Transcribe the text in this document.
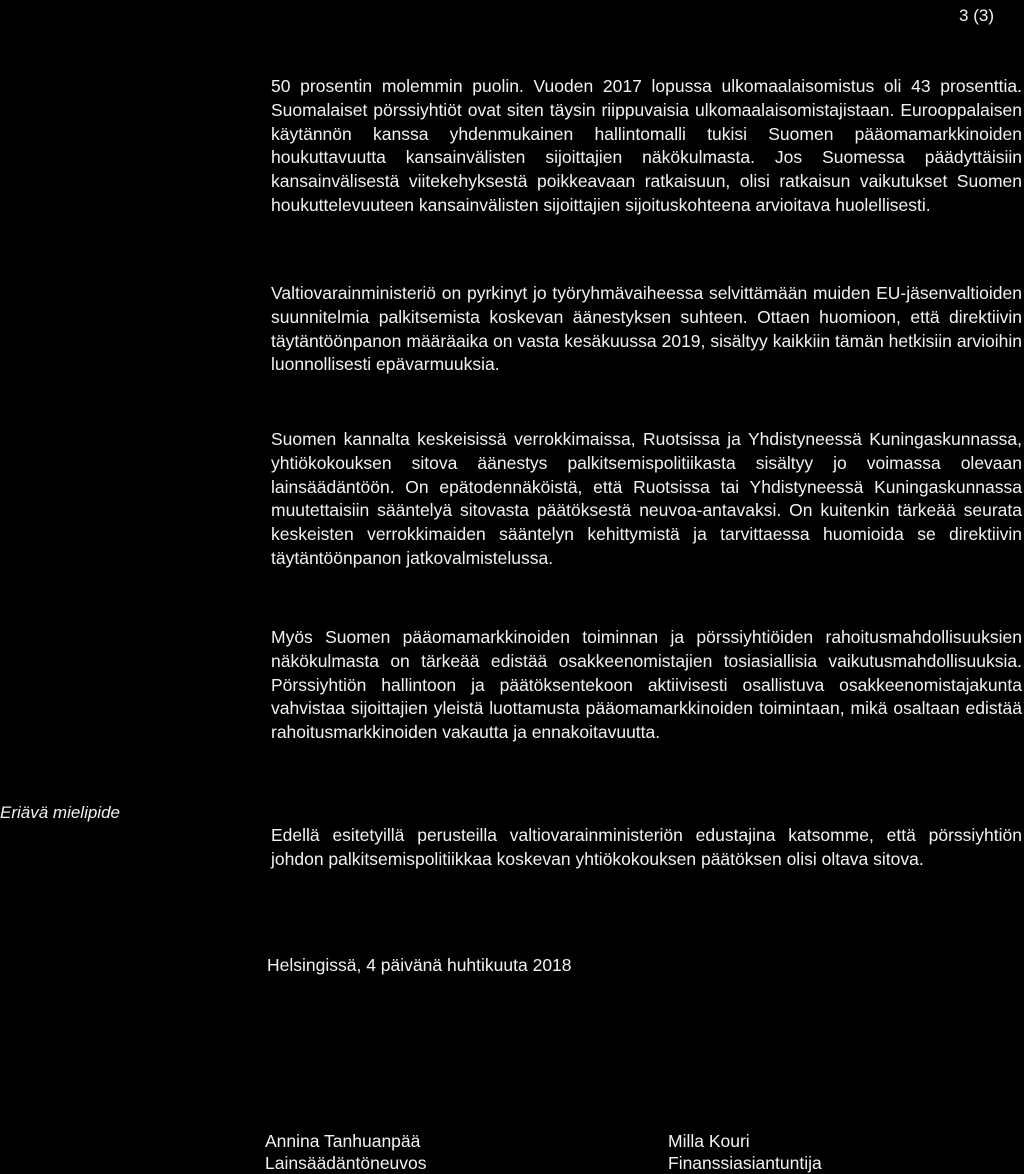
3 (3)
Eriävä mielipide

50 prosentin molemmin puolin. Vuoden 2017 lopussa ulkomaalaisomistus oli 43 prosenttia. Suomalaiset pörssiyhtiöt ovat siten täysin riippuvaisia ulkomaalaisomistajistaan. Eurooppalaisen käytännön kanssa yhdenmukainen hallintomalli tukisi Suomen pääomamarkkinoiden houkuttavuutta kansainvälisten sijoittajien näkökulmasta. Jos Suomessa päädyttäisiin kansainvälisestä viitekehyksestä poikkeavaan ratkaisuun, olisi ratkaisun vaikutukset Suomen houkuttelevuuteen kansainvälisten sijoittajien sijoituskohteena arvioitava huolellisesti.

Valtiovarainministeriö on pyrkinyt jo työryhmävaiheessa selvittämään muiden EU-jäsenvaltioiden suunnitelmia palkitsemista koskevan äänestyksen suhteen. Ottaen huomioon, että direktiivin täytäntöönpanon määräaika on vasta kesäkuussa 2019, sisältyy kaikkiin tämän hetkisiin arvioihin luonnollisesti epävarmuuksia.

Suomen kannalta keskeisissä verrokkimaissa, Ruotsissa ja Yhdistyneessä Kuningaskunnassa, yhtiökokouksen sitova äänestys palkitsemispolitiikasta sisältyy jo voimassa olevaan lainsäädäntöön. On epätodennäköistä, että Ruotsissa tai Yhdistyneessä Kuningaskunnassa muutettaisiin sääntelyä sitovasta päätöksestä neuvoa-antavaksi. On kuitenkin tärkeää seurata keskeisten verrokkimaiden sääntelyn kehittymistä ja tarvittaessa huomioida se direktiivin täytäntöönpanon jatkovalmistelussa.

Myös Suomen pääomamarkkinoiden toiminnan ja pörssiyhtiöiden rahoitusmahdollisuuksien näkökulmasta on tärkeää edistää osakkeenomistajien tosiasiallisia vaikutusmahdollisuuksia. Pörssiyhtiön hallintoon ja päätöksentekoon aktiivisesti osallistuva osakkeenomistajakunta vahvistaa sijoittajien yleistä luottamusta pääomamarkkinoiden toimintaan, mikä osaltaan edistää rahoitusmarkkinoiden vakautta ja ennakoitavuutta.

Edellä esitetyillä perusteilla valtiovarainministeriön edustajina katsomme, että pörssiyhtiön johdon palkitsemispolitiikkaa koskevan yhtiökokouksen päätöksen olisi oltava sitova.

Helsingissä, 4 päivänä huhtikuuta 2018
Annina Tanhuanpää
Lainsäädäntöneuvos
Milla Kouri
Finanssiasiantuntija
